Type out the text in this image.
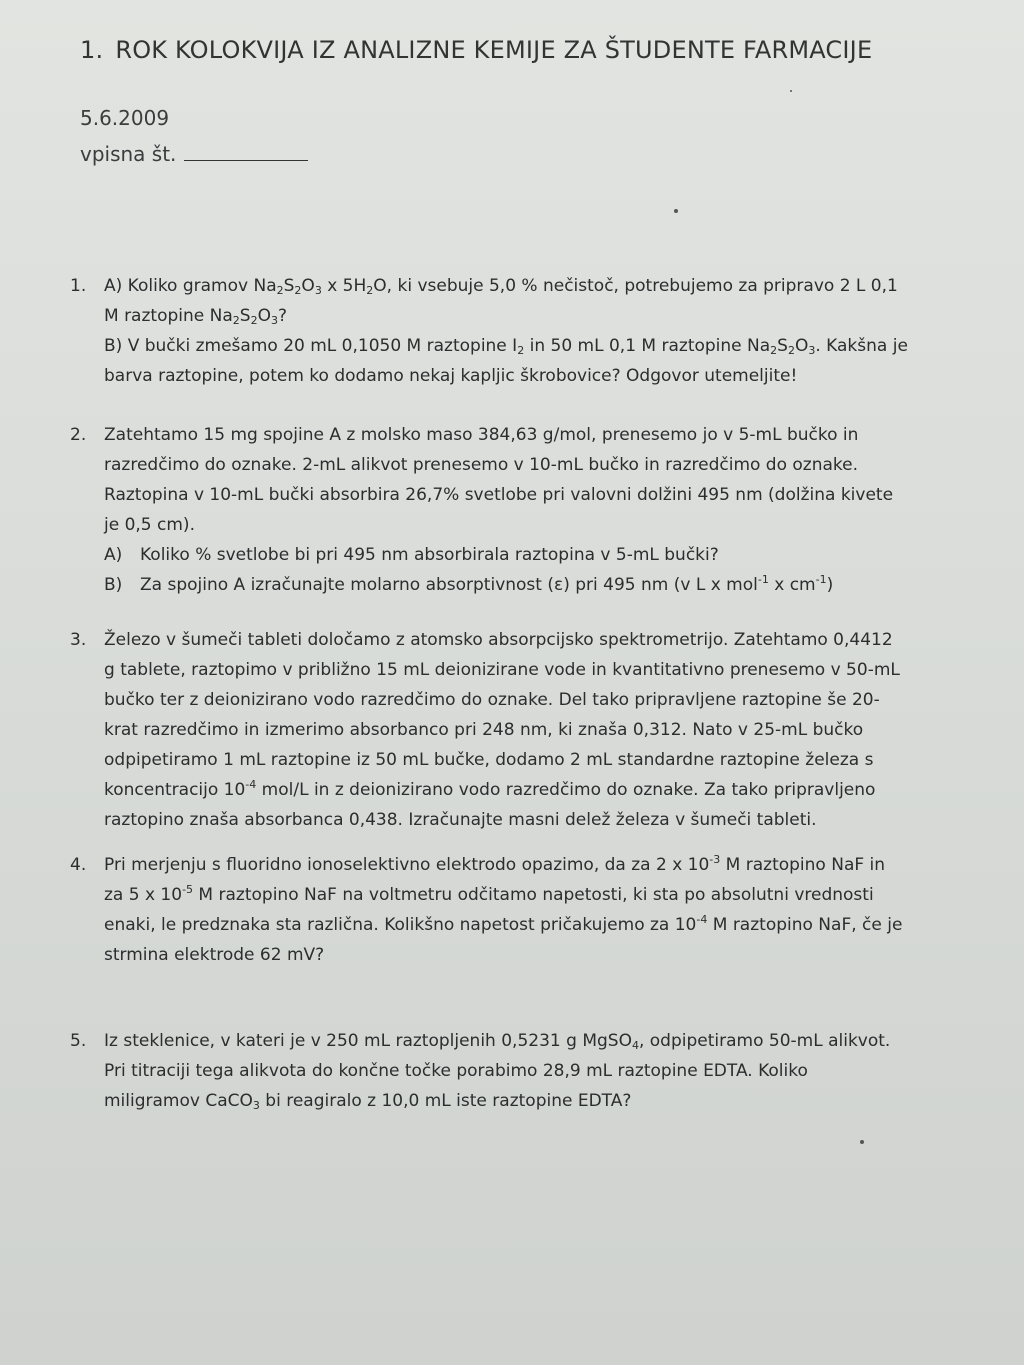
1. ROK KOLOKVIJA IZ ANALIZNE KEMIJE ZA ŠTUDENTE FARMACIJE
5.6.2009
vpisna št.
1.	A) Koliko gramov $Na_2S_2O_3$ x $5H_2O$, ki vsebuje 5,0 % nečistoč, potrebujemo za pripravo 2 L 0,1
M raztopine $Na_2S_2O_3$?
B) V bučki zmešamo 20 mL 0,1050 M raztopine $I_2$ in 50 mL 0,1 M raztopine $Na_2S_2O_3$. Kakšna je
barva raztopine, potem ko dodamo nekaj kapljic škrobovice? Odgovor utemeljite!
2.	Zatehtamo 15 mg spojine A z molsko maso 384,63 g/mol, prenesemo jo v 5-mL bučko in
razredčimo do oznake. 2-mL alikvot prenesemo v 10-mL bučko in razredčimo do oznake.
Raztopina v 10-mL bučki absorbira 26,7% svetlobe pri valovni dolžini 495 nm (dolžina kivete
je 0,5 cm).
A) Koliko % svetlobe bi pri 495 nm absorbirala raztopina v 5-mL bučki?
B) Za spojino A izračunajte molarno absorptivnost (ε) pri 495 nm (v L x mol$^{-1}$ x $cm^{-1}$)
3.	Železo v šumeči tableti določamo z atomsko absorpcijsko spektrometrijo. Zatehtamo 0,4412
g tablete, raztopimo v približno 15 mL deionizirane vode in kvantitativno prenesemo v 50-mL
bučko ter z deionizirano vodo razredčimo do oznake. Del tako pripravljene raztopine še 20-
krat razredčimo in izmerimo absorbanco pri 248 nm, ki znaša 0,312. Nato v 25-mL bučko
odpipetiramo 1 mL raztopine iz 50 mL bučke, dodamo 2 mL standardne raztopine železa s
koncentracijo $10^{-4}$ mol/L in z deionizirano vodo razredčimo do oznake. Za tako pripravljeno
raztopino znaša absorbanca 0,438. Izračunajte masni delež železa v šumeči tableti.
4.	Pri merjenju s fluoridno ionoselektivno elektrodo opazimo, da za 2 x $10^{-3}$ M raztopino NaF in
za 5 x $10^{-5}$ M raztopino NaF na voltmetru odčitamo napetosti, ki sta po absolutni vrednosti
enaki, le predznaka sta različna. Kolikšno napetost pričakujemo za $10^{-4}$ M raztopino NaF, če je
strmina elektrode 62 mV?
5.	Iz steklenice, v kateri je v 250 mL raztopljenih 0,5231 g MgSO$_4$, odpipetiramo 50-mL alikvot.
Pri titraciji tega alikvota do končne točke porabimo 28,9 mL raztopine EDTA. Koliko
miligramov CaCO$_3$ bi reagiralo z 10,0 mL iste raztopine EDTA?
